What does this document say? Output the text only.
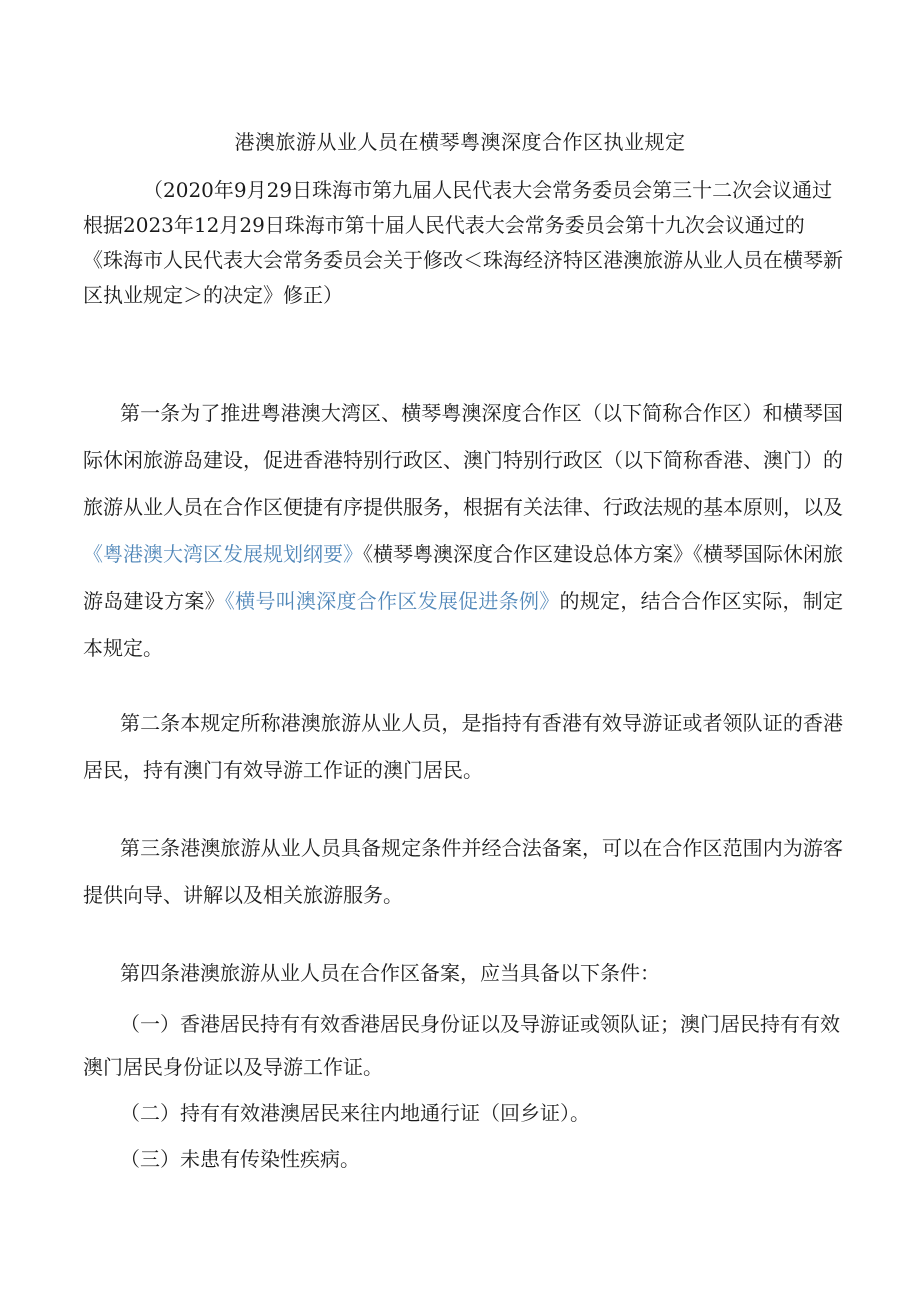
港澳旅游从业人员在横琴粤澳深度合作区执业规定
（2020年9月29日珠海市第九届人民代表大会常务委员会第三十二次会议通过
根据2023年12月29日珠海市第十届人民代表大会常务委员会第十九次会议通过的《珠海市人民代表大会常务委员会关于修改＜珠海经济特区港澳旅游从业人员在横琴新区执业规定＞的决定》修正）
第一条为了推进粤港澳大湾区、横琴粤澳深度合作区（以下简称合作区）和横琴国际休闲旅游岛建设，促进香港特别行政区、澳门特别行政区（以下简称香港、澳门）的旅游从业人员在合作区便捷有序提供服务，根据有关法律、行政法规的基本原则，以及《粤港澳大湾区发展规划纲要》《横琴粤澳深度合作区建设总体方案》《横琴国际休闲旅游岛建设方案》《横号叫澳深度合作区发展促进条例》的规定，结合合作区实际，制定本规定。
第二条本规定所称港澳旅游从业人员，是指持有香港有效导游证或者领队证的香港居民，持有澳门有效导游工作证的澳门居民。
第三条港澳旅游从业人员具备规定条件并经合法备案，可以在合作区范围内为游客提供向导、讲解以及相关旅游服务。
第四条港澳旅游从业人员在合作区备案，应当具备以下条件：
（一）香港居民持有有效香港居民身份证以及导游证或领队证；澳门居民持有有效澳门居民身份证以及导游工作证。
（二）持有有效港澳居民来往内地通行证（回乡证）。
（三）未患有传染性疾病。
